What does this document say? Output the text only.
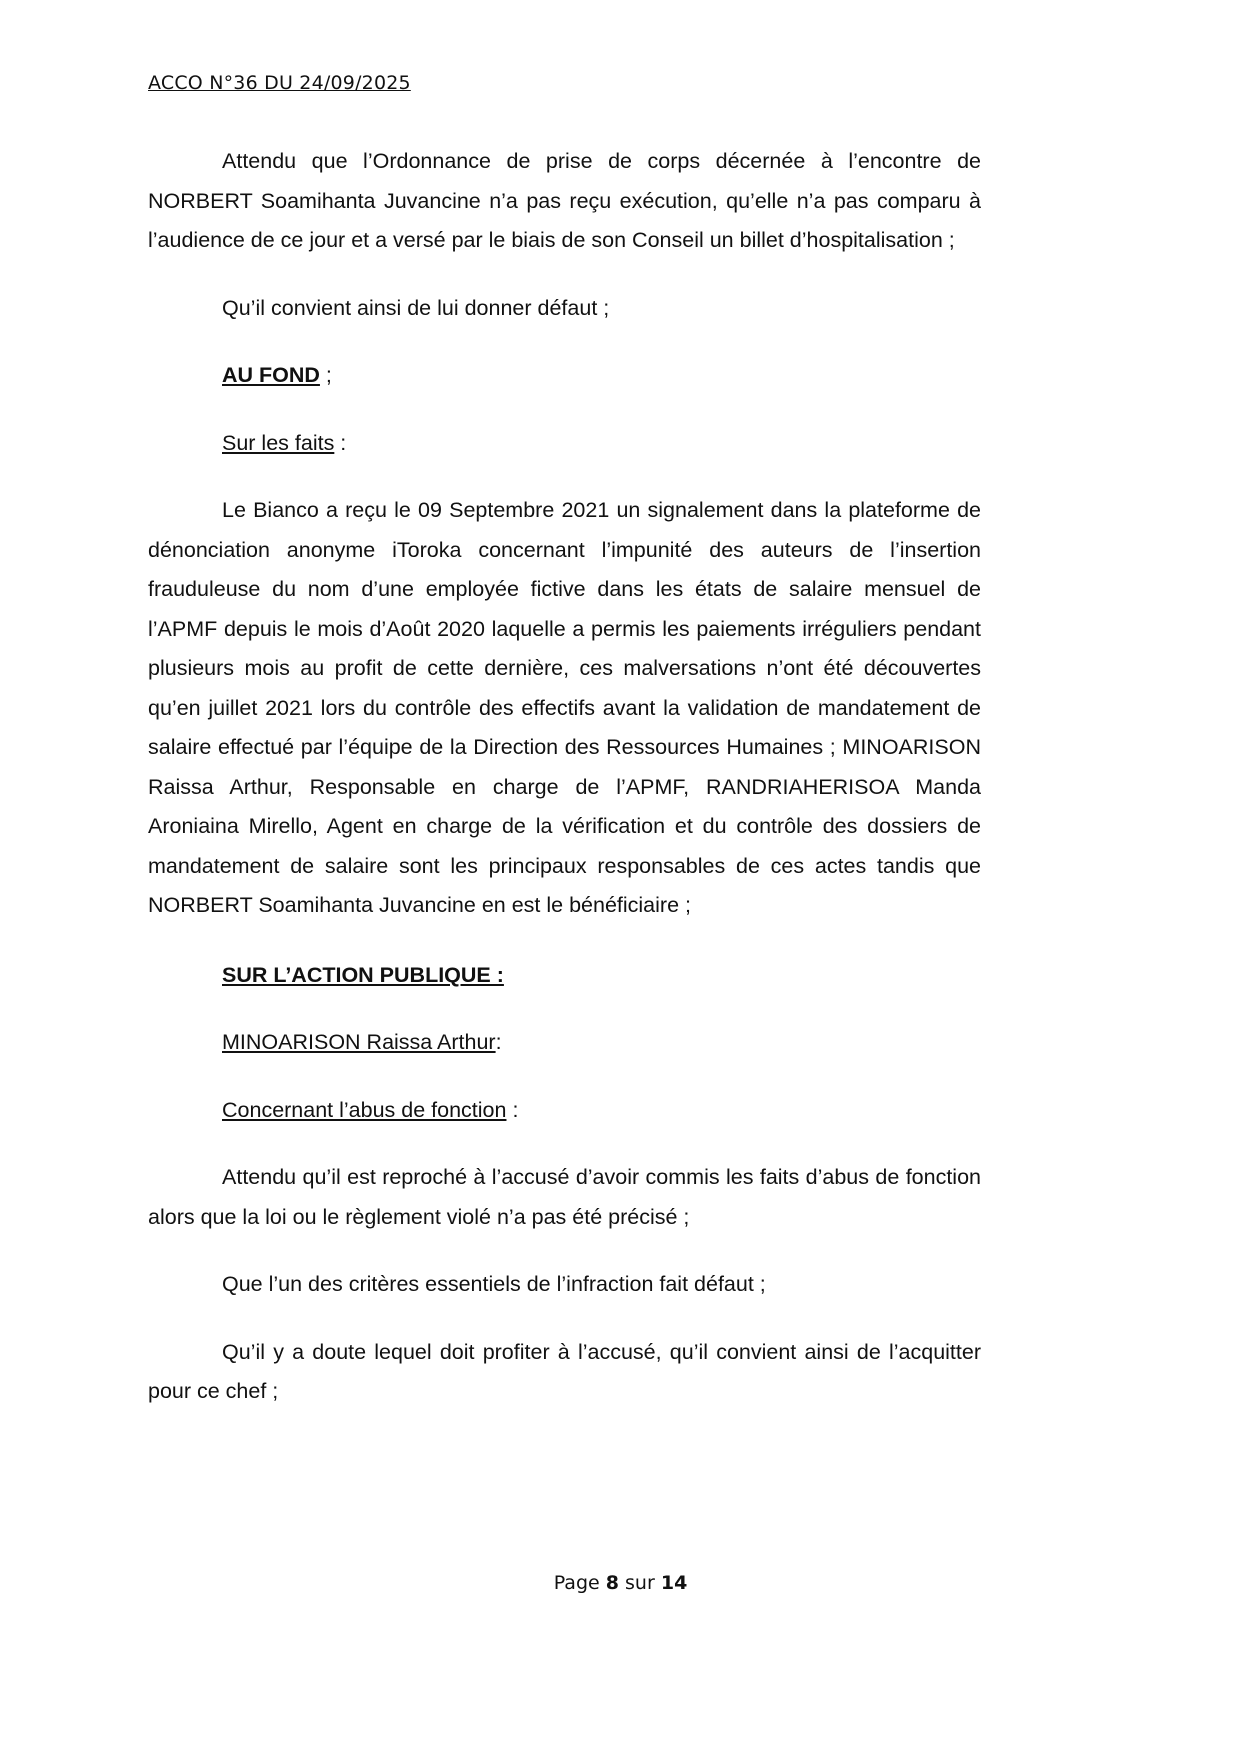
ACCO N°36 DU 24/09/2025

Attendu que l’Ordonnance de prise de corps décernée à l’encontre de NORBERT Soamihanta Juvancine n’a pas reçu exécution, qu’elle n’a pas comparu à l’audience de ce jour et a versé par le biais de son Conseil un billet d’hospitalisation ;

Qu’il convient ainsi de lui donner défaut ;

AU FOND ;

Sur les faits :

Le Bianco a reçu le 09 Septembre 2021 un signalement dans la plateforme de dénonciation anonyme iToroka concernant l’impunité des auteurs de l’insertion frauduleuse du nom d’une employée fictive dans les états de salaire mensuel de l’APMF depuis le mois d’Août 2020 laquelle a permis les paiements irréguliers pendant plusieurs mois au profit de cette dernière, ces malversations n’ont été découvertes qu’en juillet 2021 lors du contrôle des effectifs avant la validation de mandatement de salaire effectué par l’équipe de la Direction des Ressources Humaines ; MINOARISON Raissa Arthur, Responsable en charge de l’APMF, RANDRIAHERISOA Manda Aroniaina Mirello, Agent en charge de la vérification et du contrôle des dossiers de mandatement de salaire sont les principaux responsables de ces actes tandis que NORBERT Soamihanta Juvancine en est le bénéficiaire ;

SUR L’ACTION PUBLIQUE :

MINOARISON Raissa Arthur:

Concernant l’abus de fonction :

Attendu qu’il est reproché à l’accusé d’avoir commis les faits d’abus de fonction alors que la loi ou le règlement violé n’a pas été précisé ;

Que l’un des critères essentiels de l’infraction fait défaut ;

Qu’il y a doute lequel doit profiter à l’accusé, qu’il convient ainsi de l’acquitter pour ce chef ;

Page 8 sur 14
